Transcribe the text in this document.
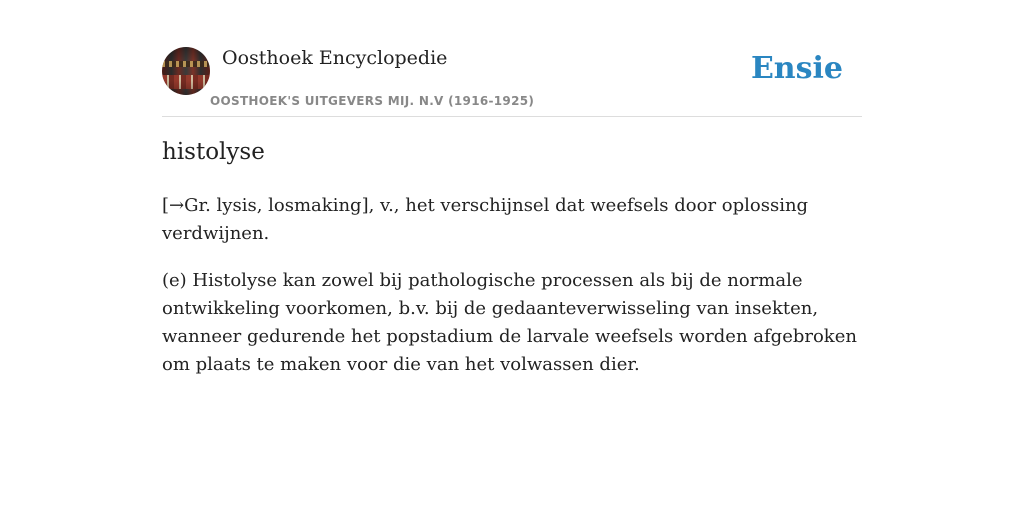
Oosthoek Encyclopedie
OOSTHOEK'S UITGEVERS MIJ. N.V (1916-1925)
Ensie
histolyse
[→Gr. lysis, losmaking], v., het verschijnsel dat weefsels door oplossing verdwijnen.
(e) Histolyse kan zowel bij pathologische processen als bij de normale ontwikkeling voorkomen, b.v. bij de gedaanteverwisseling van insekten, wanneer gedurende het popstadium de larvale weefsels worden afgebroken om plaats te maken voor die van het volwassen dier.
